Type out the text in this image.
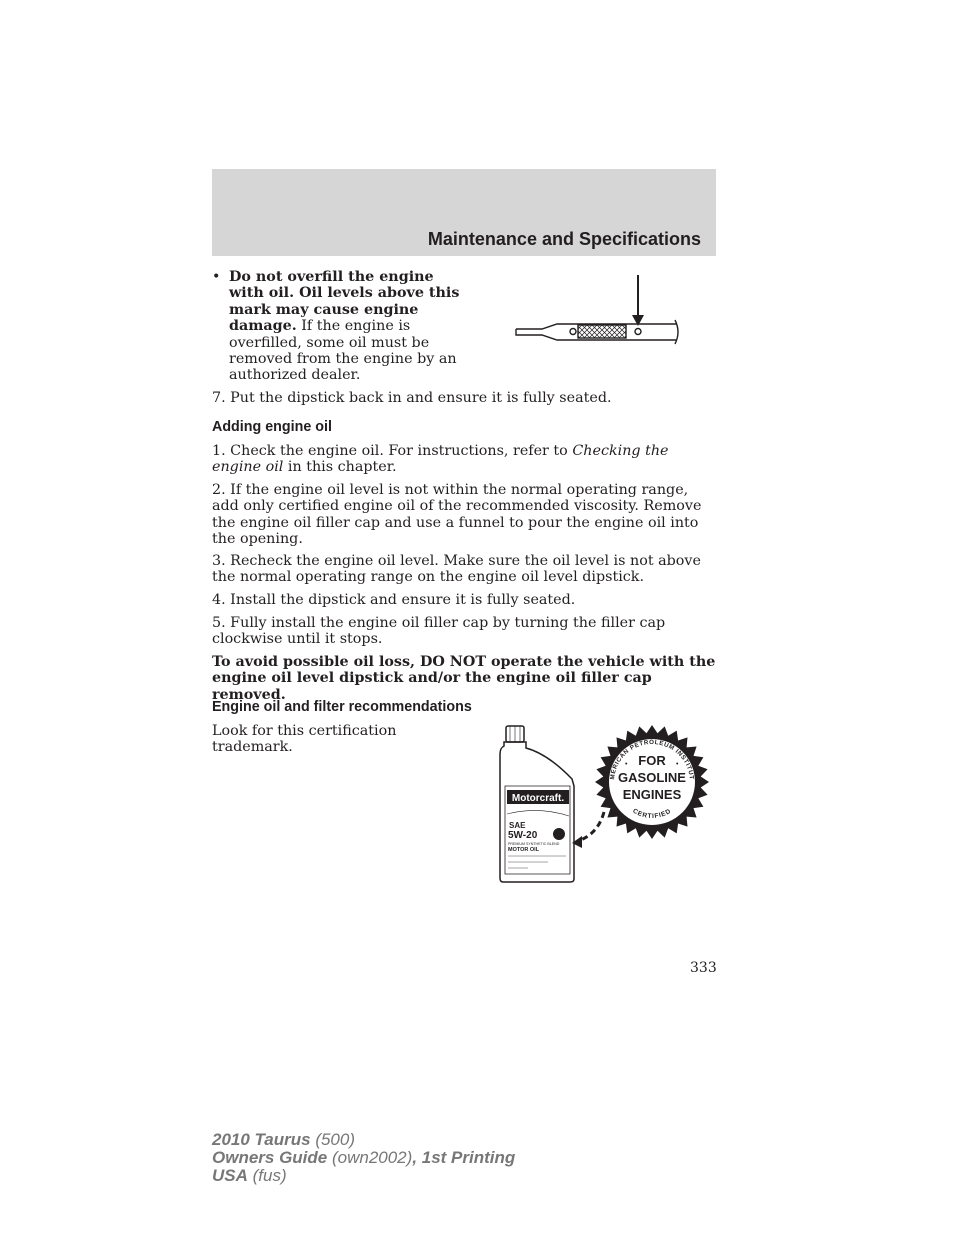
Maintenance and Specifications
• Do not overfill the engine with oil. Oil levels above this mark may cause engine damage. If the engine is overfilled, some oil must be removed from the engine by an authorized dealer.
7. Put the dipstick back in and ensure it is fully seated.
Adding engine oil
1. Check the engine oil. For instructions, refer to Checking the engine oil in this chapter.
2. If the engine oil level is not within the normal operating range, add only certified engine oil of the recommended viscosity. Remove the engine oil filler cap and use a funnel to pour the engine oil into the opening.
3. Recheck the engine oil level. Make sure the oil level is not above the normal operating range on the engine oil level dipstick.
4. Install the dipstick and ensure it is fully seated.
5. Fully install the engine oil filler cap by turning the filler cap clockwise until it stops.
To avoid possible oil loss, DO NOT operate the vehicle with the engine oil level dipstick and/or the engine oil filler cap removed.
Engine oil and filter recommendations
Look for this certification trademark.
Motorcraft.
SAE
5W-20
PREMIUM SYNTHETIC BLEND
MOTOR OIL
AMERICAN PETROLEUM INSTITUTE
CERTIFIED
•	•
FOR
GASOLINE
ENGINES
333
2010 Taurus (500)
Owners Guide (own2002), 1st Printing
USA (fus)
